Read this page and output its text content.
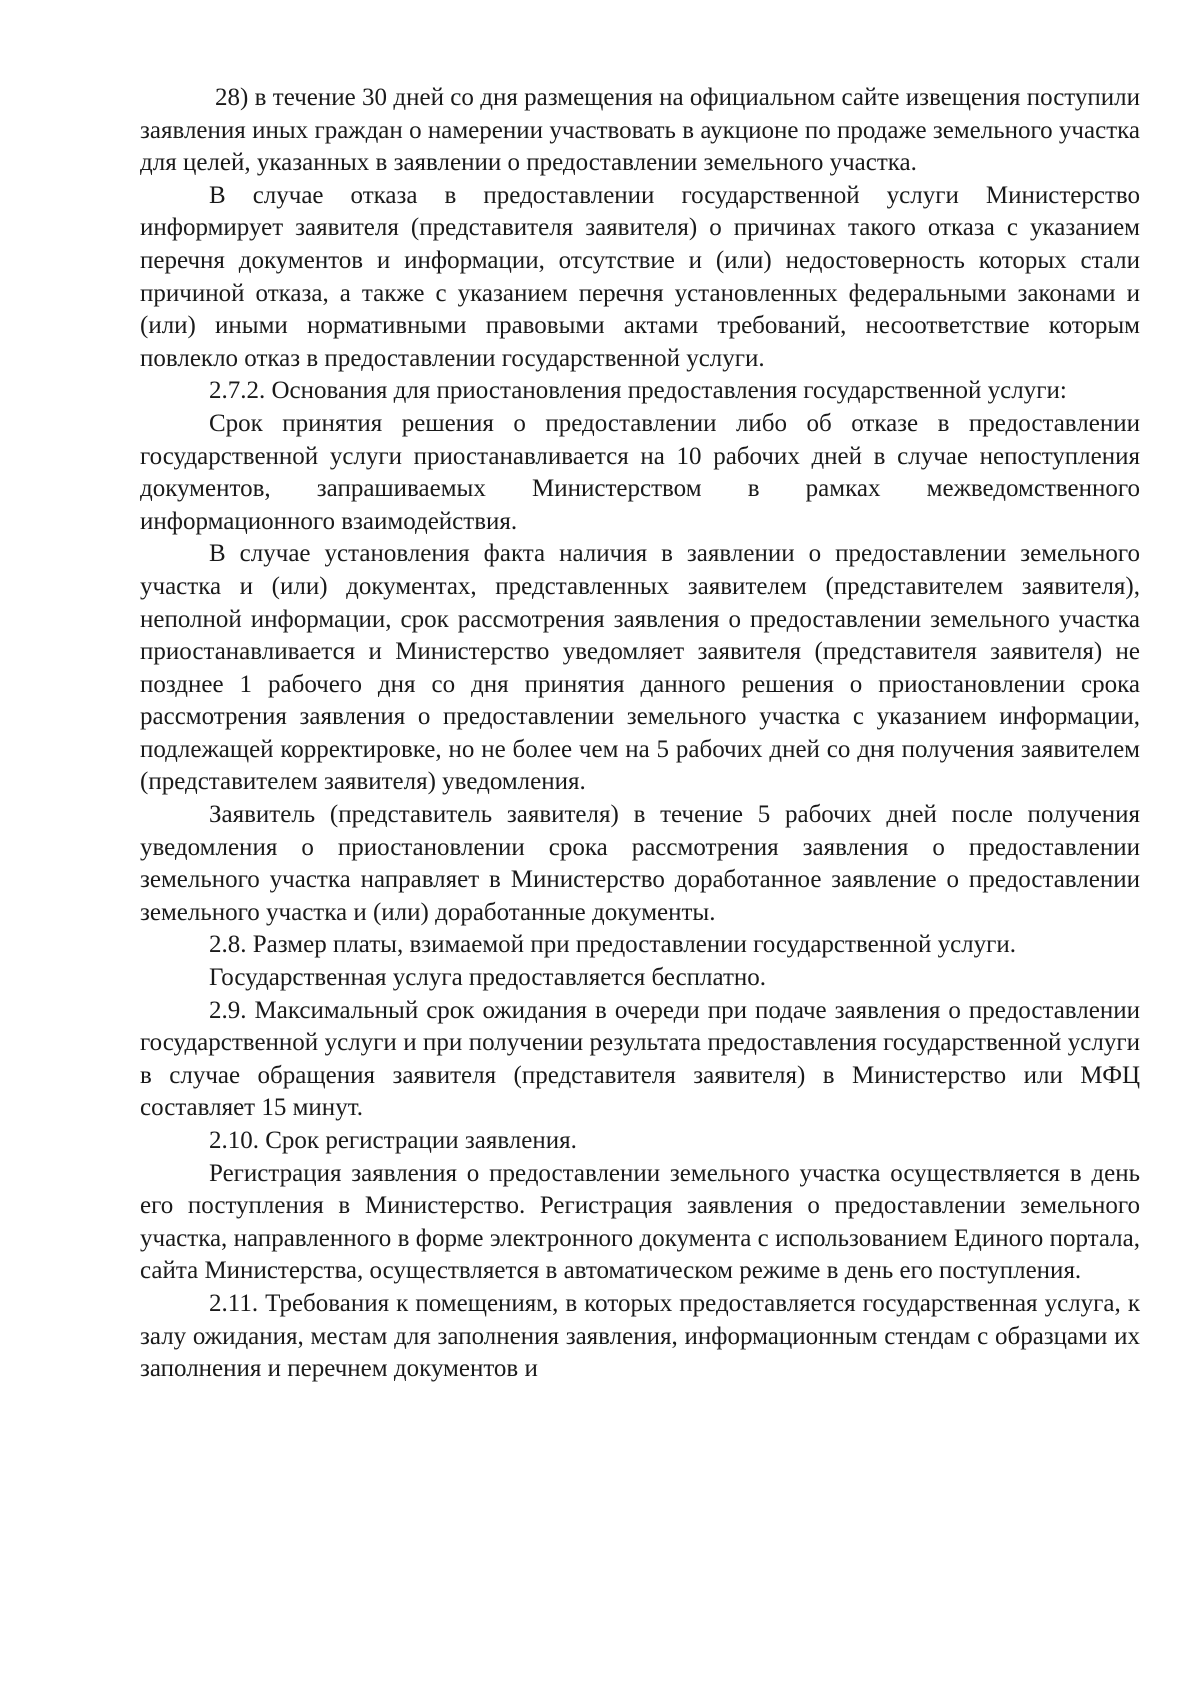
28) в течение 30 дней со дня размещения на официальном сайте извещения поступили заявления иных граждан о намерении участвовать в аукционе по продаже земельного участка для целей, указанных в заявлении о предоставлении земельного участка.

В случае отказа в предоставлении государственной услуги Министерство информирует заявителя (представителя заявителя) о причинах такого отказа с указанием перечня документов и информации, отсутствие и (или) недостоверность которых стали причиной отказа, а также с указанием перечня установленных федеральными законами и (или) иными нормативными правовыми актами требований, несоответствие которым повлекло отказ в предоставлении государственной услуги.

2.7.2. Основания для приостановления предоставления государственной услуги:

Срок принятия решения о предоставлении либо об отказе в предоставлении государственной услуги приостанавливается на 10 рабочих дней в случае непоступления документов, запрашиваемых Министерством в рамках межведомственного информационного взаимодействия.

В случае установления факта наличия в заявлении о предоставлении земельного участка и (или) документах, представленных заявителем (представителем заявителя), неполной информации, срок рассмотрения заявления о предоставлении земельного участка приостанавливается и Министерство уведомляет заявителя (представителя заявителя) не позднее 1 рабочего дня со дня принятия данного решения о приостановлении срока рассмотрения заявления о предоставлении земельного участка с указанием информации, подлежащей корректировке, но не более чем на 5 рабочих дней со дня получения заявителем (представителем заявителя) уведомления.

Заявитель (представитель заявителя) в течение 5 рабочих дней после получения уведомления о приостановлении срока рассмотрения заявления о предоставлении земельного участка направляет в Министерство доработанное заявление о предоставлении земельного участка и (или) доработанные документы.

2.8. Размер платы, взимаемой при предоставлении государственной услуги.

Государственная услуга предоставляется бесплатно.

2.9. Максимальный срок ожидания в очереди при подаче заявления о предоставлении государственной услуги и при получении результата предоставления государственной услуги в случае обращения заявителя (представителя заявителя) в Министерство или МФЦ составляет 15 минут.

2.10. Срок регистрации заявления.

Регистрация заявления о предоставлении земельного участка осуществляется в день его поступления в Министерство. Регистрация заявления о предоставлении земельного участка, направленного в форме электронного документа с использованием Единого портала, сайта Министерства, осуществляется в автоматическом режиме в день его поступления.

2.11. Требования к помещениям, в которых предоставляется государственная услуга, к залу ожидания, местам для заполнения заявления, информационным стендам с образцами их заполнения и перечнем документов и
